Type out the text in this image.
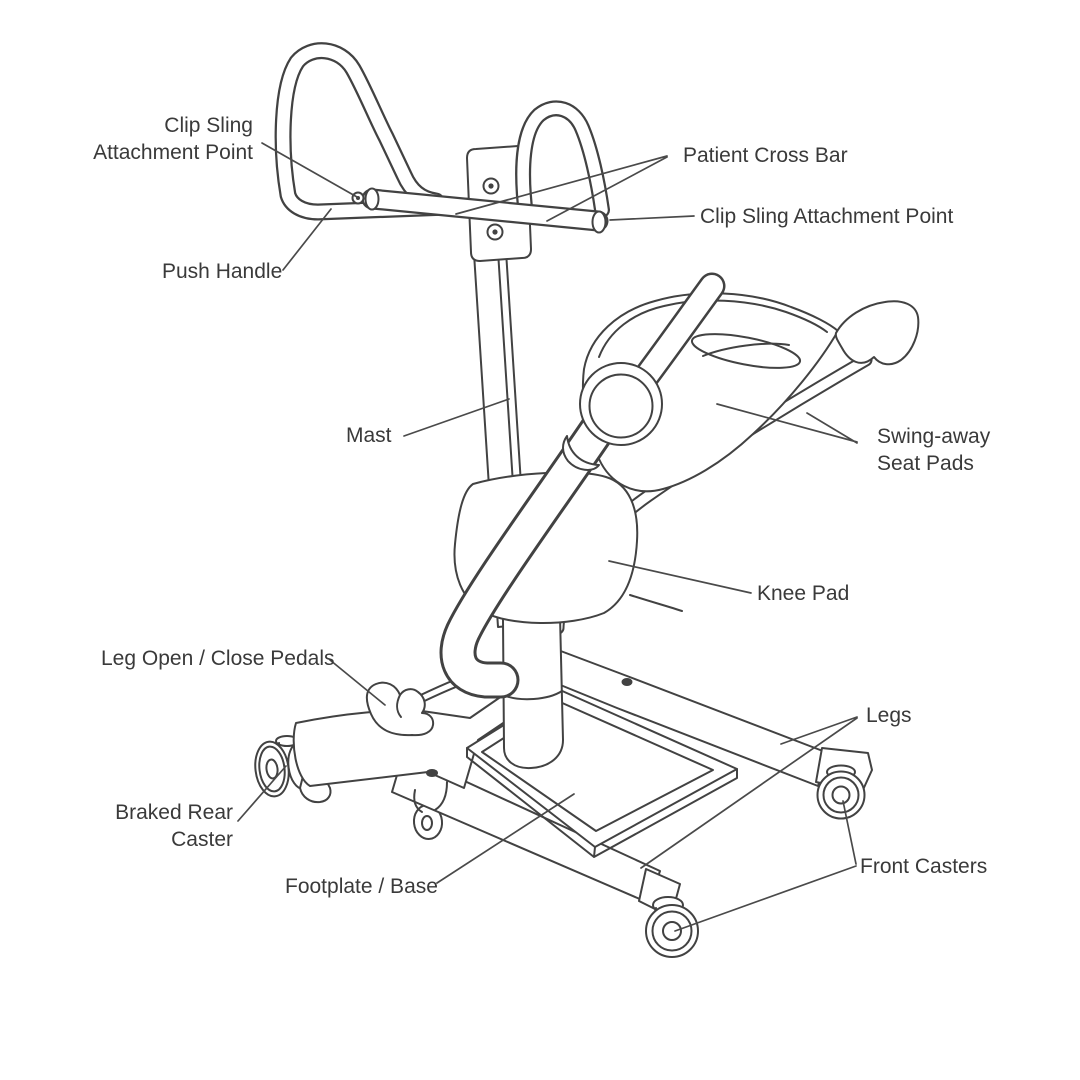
Clip Sling
Attachment Point	Patient Cross Bar
Clip Sling Attachment Point
Push Handle
Mast	Swing-away
Seat Pads
Knee Pad
Leg Open / Close Pedals
Legs
Braked Rear
Caster
Footplate / Base
Front Casters
